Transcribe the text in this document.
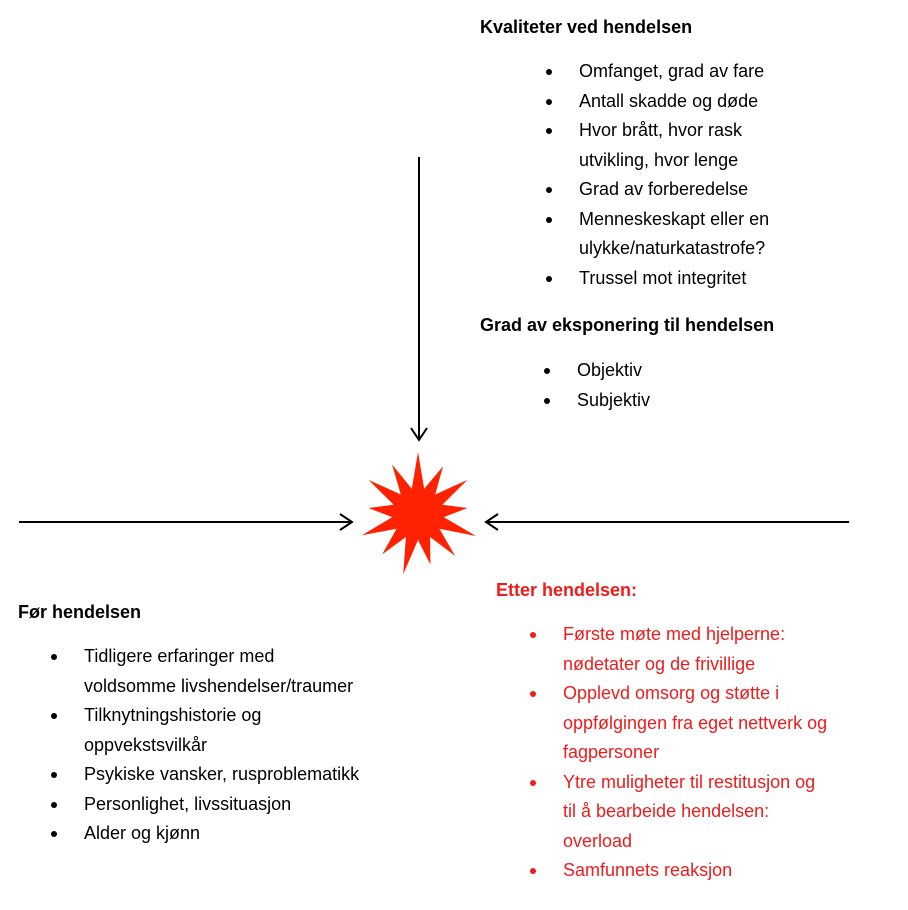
Kvaliteter ved hendelsen

Omfanget, grad av fare
Antall skadde og døde
Hvor brått, hvor rask
utvikling, hvor lenge
Grad av forberedelse
Menneskeskapt eller en
ulykke/naturkatastrofe?
Trussel mot integritet

Grad av eksponering til hendelsen

Objektiv
Subjektiv

Før hendelsen

Tidligere erfaringer med
voldsomme livshendelser/traumer
Tilknytningshistorie og
oppvekstsvilkår
Psykiske vansker, rusproblematikk
Personlighet, livssituasjon
Alder og kjønn

Etter hendelsen:

Første møte med hjelperne:
nødetater og de frivillige
Opplevd omsorg og støtte i
oppfølgingen fra eget nettverk og
fagpersoner
Ytre muligheter til restitusjon og
til å bearbeide hendelsen:
overload
Samfunnets reaksjon
